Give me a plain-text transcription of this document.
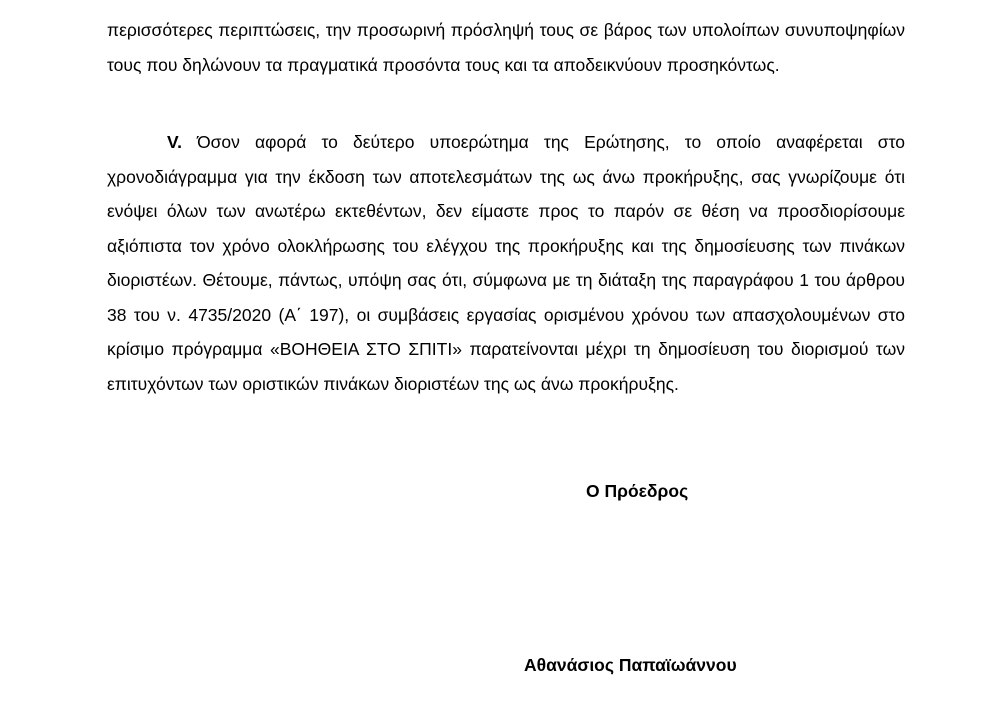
περισσότερες περιπτώσεις, την προσωρινή πρόσληψή τους σε βάρος των υπολοίπων συνυποψηφίων τους που δηλώνουν τα πραγματικά προσόντα τους και τα αποδεικνύουν προσηκόντως.

V. Όσον αφορά το δεύτερο υποερώτημα της Ερώτησης, το οποίο αναφέρεται στο χρονοδιάγραμμα για την έκδοση των αποτελεσμάτων της ως άνω προκήρυξης, σας γνωρίζουμε ότι ενόψει όλων των ανωτέρω εκτεθέντων, δεν είμαστε προς το παρόν σε θέση να προσδιορίσουμε αξιόπιστα τον χρόνο ολοκλήρωσης του ελέγχου της προκήρυξης και της δημοσίευσης των πινάκων διοριστέων. Θέτουμε, πάντως, υπόψη σας ότι, σύμφωνα με τη διάταξη της παραγράφου 1 του άρθρου 38 του ν. 4735/2020 (Α΄ 197), οι συμβάσεις εργασίας ορισμένου χρόνου των απασχολουμένων στο κρίσιμο πρόγραμμα «ΒΟΗΘΕΙΑ ΣΤΟ ΣΠΙΤΙ» παρατείνονται μέχρι τη δημοσίευση του διορισμού των επιτυχόντων των οριστικών πινάκων διοριστέων της ως άνω προκήρυξης.

Ο Πρόεδρος
Αθανάσιος Παπαϊωάννου
